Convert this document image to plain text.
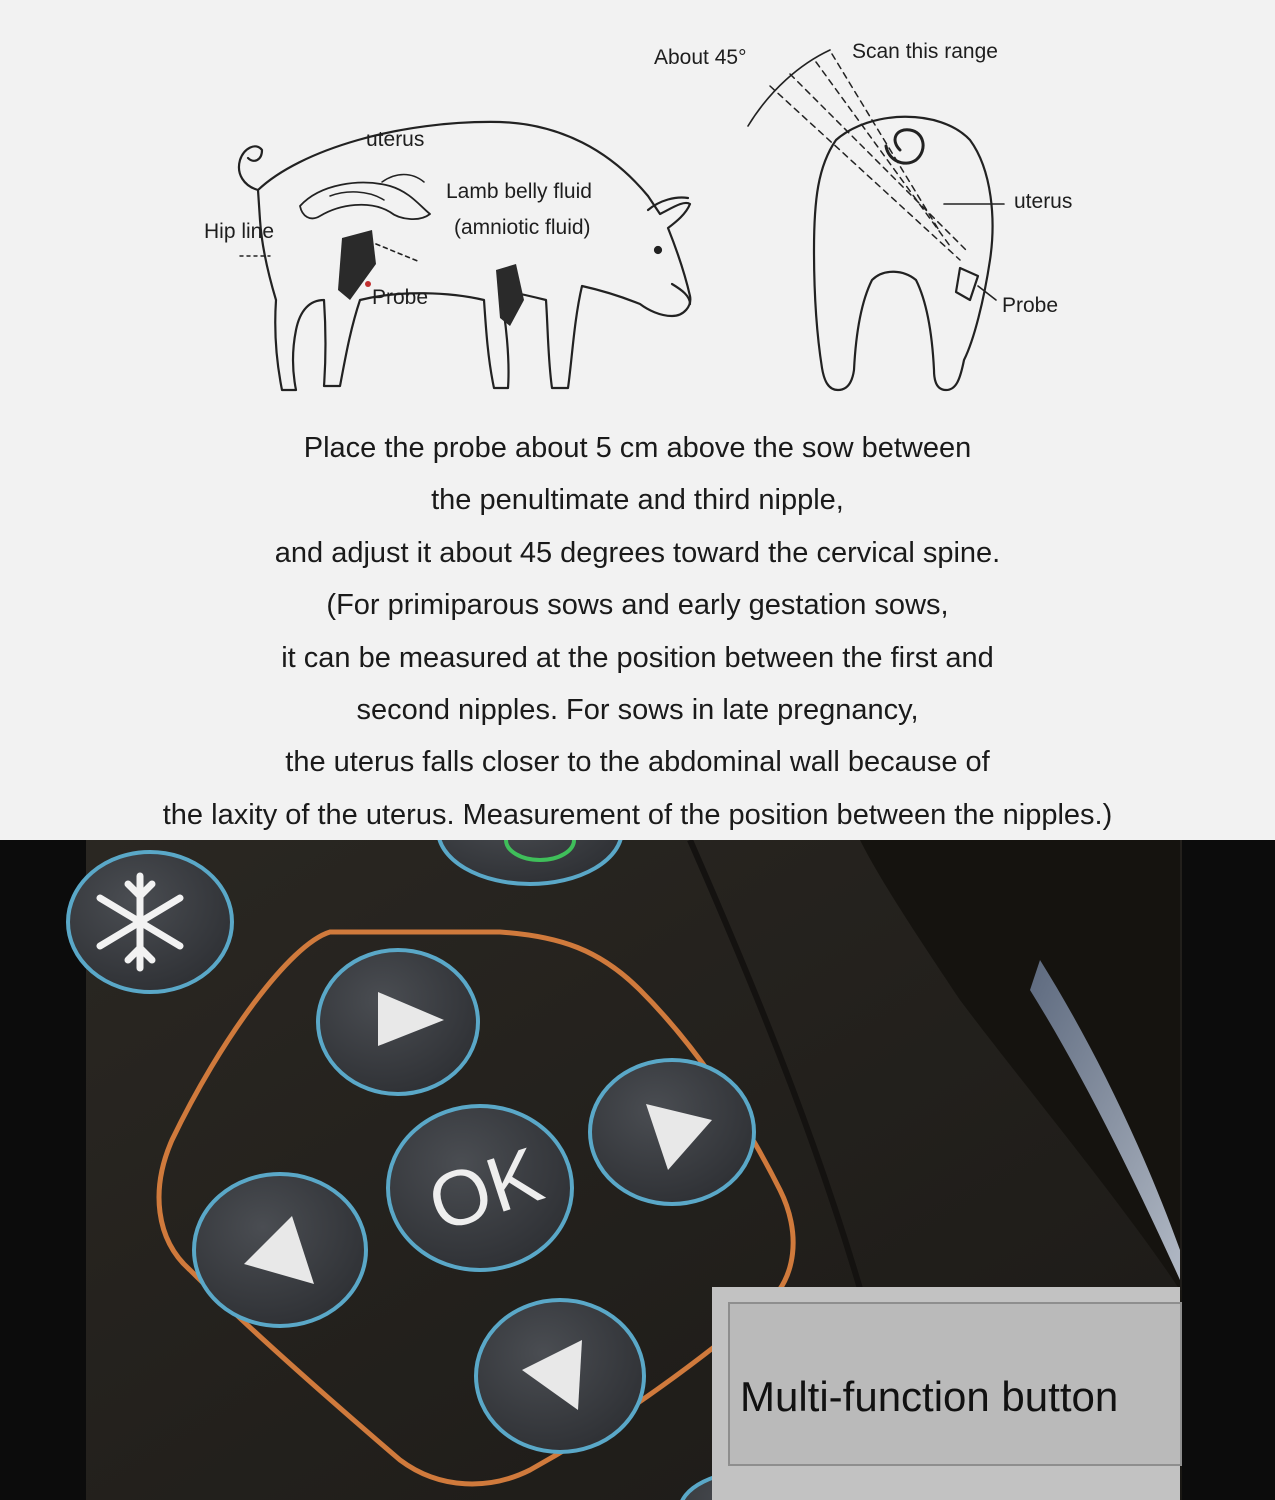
uterus
Lamb belly fluid
(amniotic fluid)
Hip line
Probe
About 45°	Scan this range
uterus
Probe
Place the probe about 5 cm above the sow between
the penultimate and third nipple,
and adjust it about 45 degrees toward the cervical spine.
(For primiparous sows and early gestation sows,
it can be measured at the position between the first and
second nipples. For sows in late pregnancy,
the uterus falls closer to the abdominal wall because of
the laxity of the uterus. Measurement of the position between the nipples.)
OK
Multi-function button
